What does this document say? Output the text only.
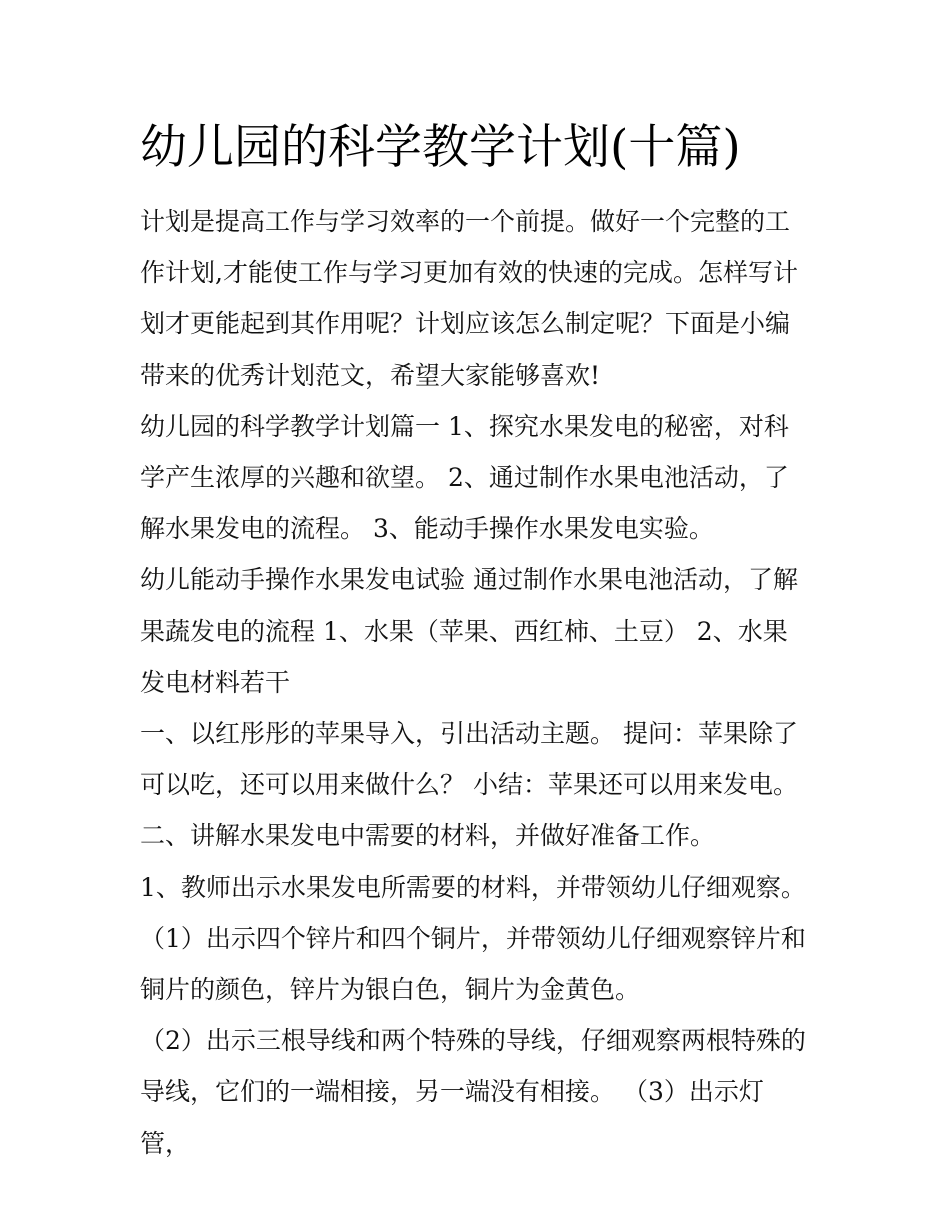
幼儿园的科学教学计划(十篇)

计划是提高工作与学习效率的一个前提。做好一个完整的工作计划,才能使工作与学习更加有效的快速的完成。怎样写计划才更能起到其作用呢？计划应该怎么制定呢？下面是小编带来的优秀计划范文，希望大家能够喜欢!

幼儿园的科学教学计划篇一 1、探究水果发电的秘密，对科学产生浓厚的兴趣和欲望。 2、通过制作水果电池活动，了解水果发电的流程。 3、能动手操作水果发电实验。

幼儿能动手操作水果发电试验 通过制作水果电池活动，了解果蔬发电的流程 1、水果（苹果、西红柿、土豆） 2、水果发电材料若干

一、以红彤彤的苹果导入，引出活动主题。 提问：苹果除了可以吃，还可以用来做什么？ 小结：苹果还可以用来发电。

二、讲解水果发电中需要的材料，并做好准备工作。

1、教师出示水果发电所需要的材料，并带领幼儿仔细观察。

（1）出示四个锌片和四个铜片，并带领幼儿仔细观察锌片和铜片的颜色，锌片为银白色，铜片为金黄色。

（2）出示三根导线和两个特殊的导线，仔细观察两根特殊的导线，它们的一端相接，另一端没有相接。 （3）出示灯管，
